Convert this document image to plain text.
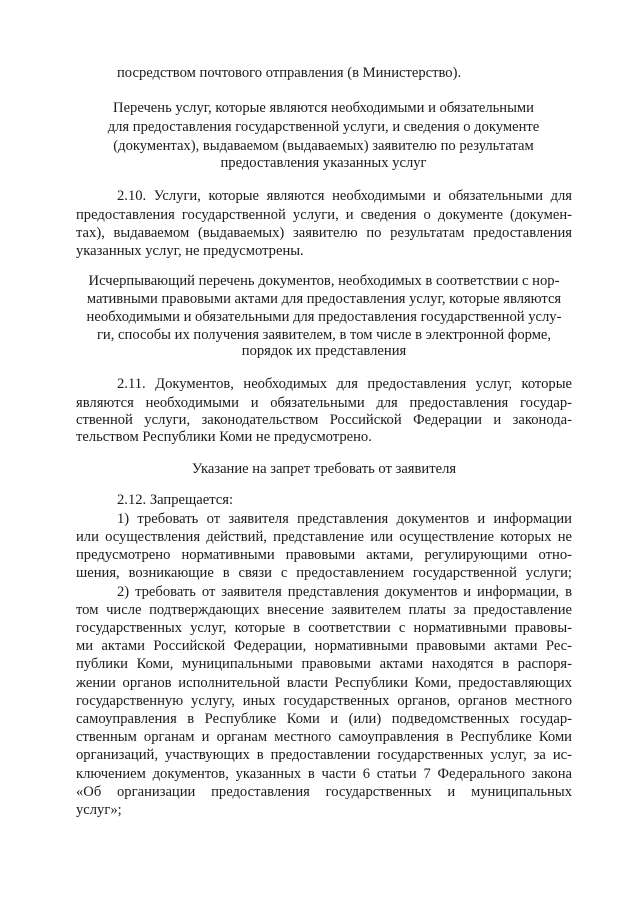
посредством почтового отправления (в Министерство).

Перечень услуг, которые являются необходимыми и обязательными

для предоставления государственной услуги, и сведения о документе

(документах), выдаваемом (выдаваемых) заявителю по результатам

предоставления указанных услуг

2.10. Услуги, которые являются необходимыми и обязательными для

предоставления государственной услуги, и сведения о документе (докумен-

тах), выдаваемом (выдаваемых) заявителю по результатам предоставления

указанных услуг, не предусмотрены.

Исчерпывающий перечень документов, необходимых в соответствии с нор-

мативными правовыми актами для предоставления услуг, которые являются

необходимыми и обязательными для предоставления государственной услу-

ги, способы их получения заявителем, в том числе в электронной форме,

порядок их представления

2.11. Документов, необходимых для предоставления услуг, которые

являются необходимыми и обязательными для предоставления государ-

ственной услуги, законодательством Российской Федерации и законода-

тельством Республики Коми не предусмотрено.

Указание на запрет требовать от заявителя

2.12. Запрещается:

1) требовать от заявителя представления документов и информации

или осуществления действий, представление или осуществление которых не

предусмотрено нормативными правовыми актами, регулирующими отно-

шения, возникающие в связи с предоставлением государственной услуги;

2) требовать от заявителя представления документов и информации, в

том числе подтверждающих внесение заявителем платы за предоставление

государственных услуг, которые в соответствии с нормативными правовы-

ми актами Российской Федерации, нормативными правовыми актами Рес-

публики Коми, муниципальными правовыми актами находятся в распоря-

жении органов исполнительной власти Республики Коми, предоставляющих

государственную услугу, иных государственных органов, органов местного

самоуправления в Республике Коми и (или) подведомственных государ-

ственным органам и органам местного самоуправления в Республике Коми

организаций, участвующих в предоставлении государственных услуг, за ис-

ключением документов, указанных в части 6 статьи 7 Федерального закона

«Об организации предоставления государственных и муниципальных

услуг»;
